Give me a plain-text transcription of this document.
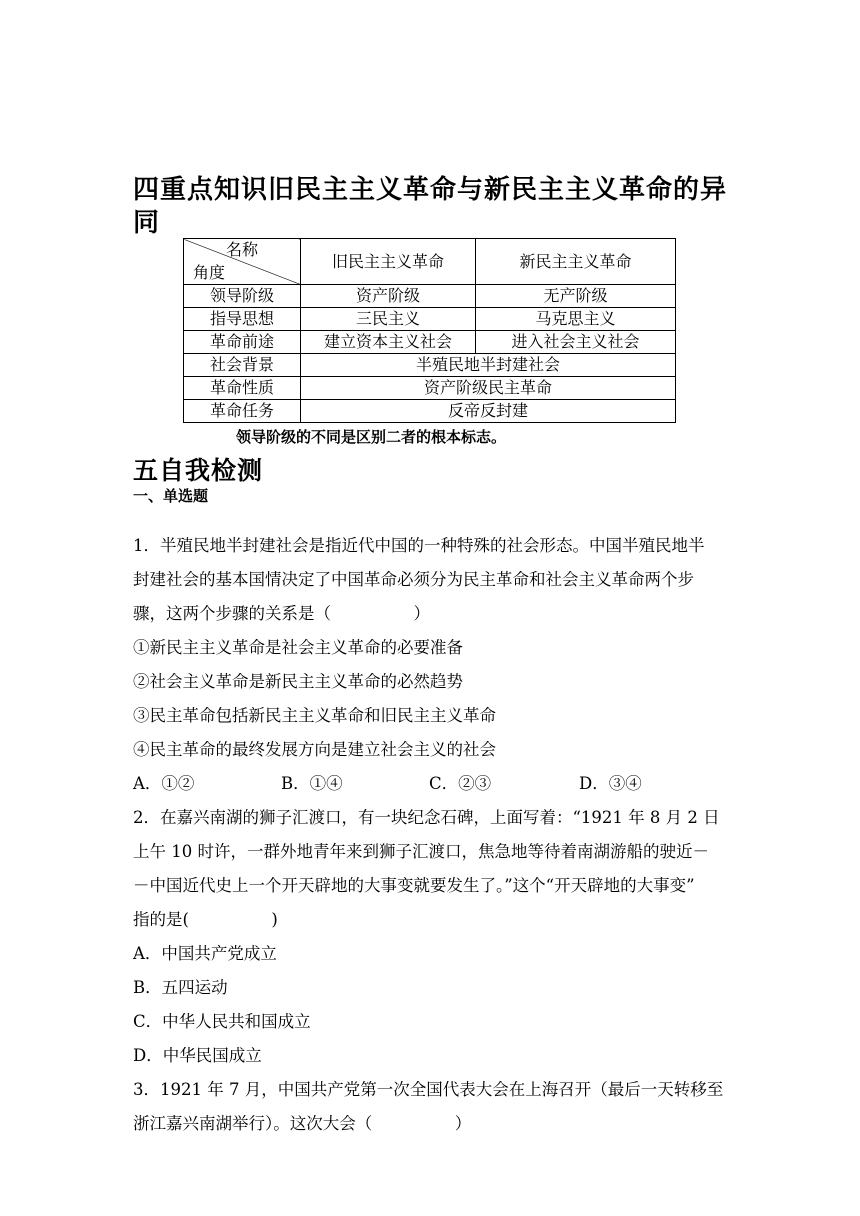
四重点知识旧民主主义革命与新民主主义革命的异
同
名称
角度	旧民主主义革命	新民主主义革命
领导阶级	资产阶级	无产阶级
指导思想	三民主义	马克思主义
革命前途	建立资本主义社会	进入社会主义社会
社会背景	半殖民地半封建社会	
革命性质	资产阶级民主革命	
革命任务	反帝反封建	
领导阶级的不同是区别二者的根本标志。
五自我检测
一、单选题
1．半殖民地半封建社会是指近代中国的一种特殊的社会形态。中国半殖民地半
封建社会的基本国情决定了中国革命必须分为民主革命和社会主义革命两个步
骤，这两个步骤的关系是（　　　　　）
①新民主主义革命是社会主义革命的必要准备
②社会主义革命是新民主主义革命的必然趋势
③民主革命包括新民主主义革命和旧民主主义革命
④民主革命的最终发展方向是建立社会主义的社会
A．①②	B．①④	C．②③	D．③④
2．在嘉兴南湖的狮子汇渡口，有一块纪念石碑，上面写着：“1921 年 8 月 2 日
上午 10 时许，一群外地青年来到狮子汇渡口，焦急地等待着南湖游船的驶近－
－中国近代史上一个开天辟地的大事变就要发生了。”这个“开天辟地的大事变”
指的是(　　　　　)
A．中国共产党成立
B．五四运动
C．中华人民共和国成立
D．中华民国成立
3．1921 年 7 月，中国共产党第一次全国代表大会在上海召开（最后一天转移至
浙江嘉兴南湖举行）。这次大会（　　　　　）
